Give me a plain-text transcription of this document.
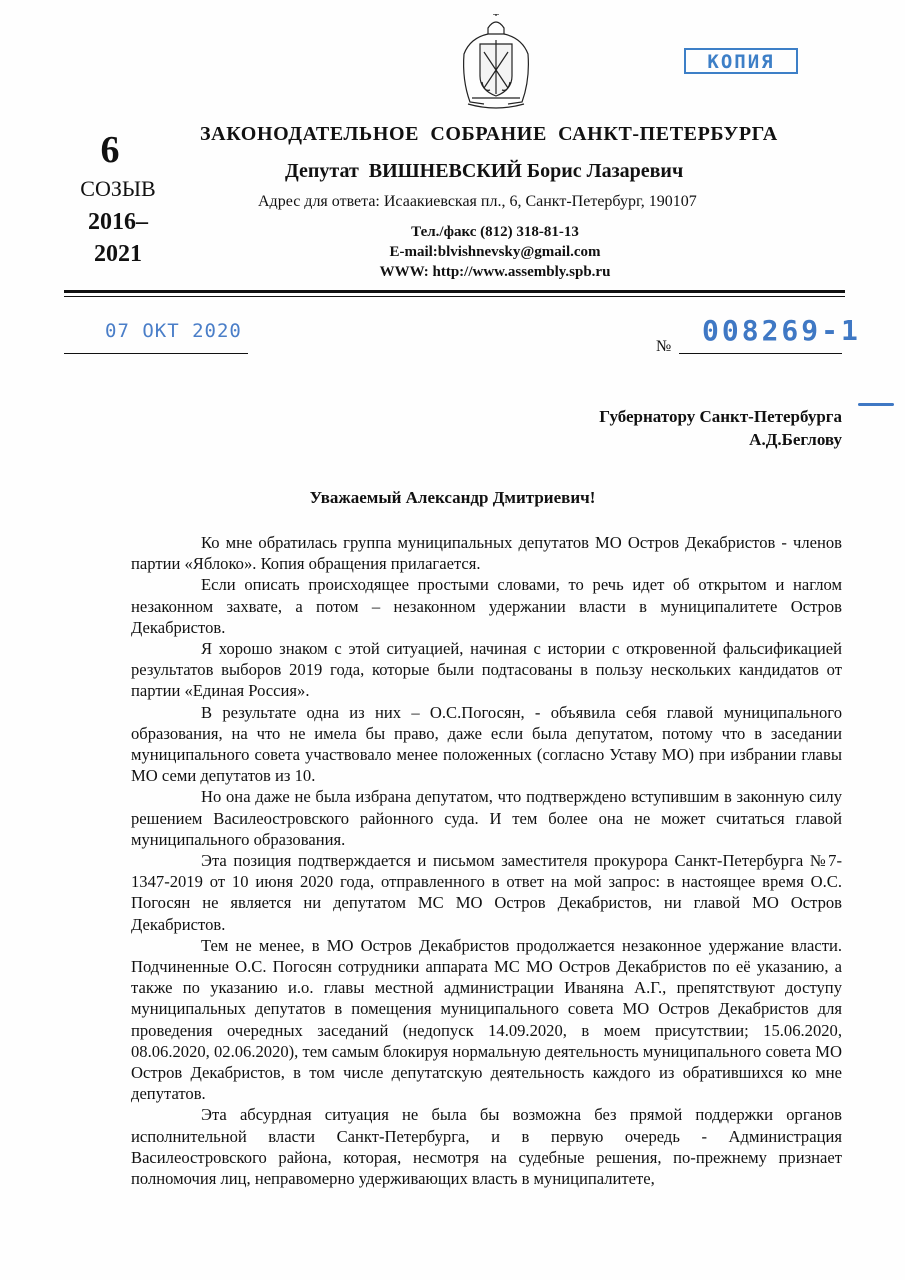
КОПИЯ
6
СОЗЫВ
2016–
2021
ЗАКОНОДАТЕЛЬНОЕ  СОБРАНИЕ  САНКТ-ПЕТЕРБУРГА
Депутат  ВИШНЕВСКИЙ Борис Лазаревич
Адрес для ответа: Исаакиевская пл., 6, Санкт-Петербург, 190107
Тел./факс (812) 318-81-13
E-mail:blvishnevsky@gmail.com
WWW: http://www.assembly.spb.ru
07 ОКТ 2020
№ 008269-1
Губернатору Санкт-Петербурга
А.Д.Беглову
Уважаемый Александр Дмитриевич!

Ко мне обратилась группа муниципальных депутатов МО Остров Декабристов - членов партии «Яблоко». Копия обращения прилагается.

Если описать происходящее простыми словами, то речь идет об открытом и наглом незаконном захвате, а потом – незаконном удержании власти в муниципалитете Остров Декабристов.

Я хорошо знаком с этой ситуацией, начиная с истории с откровенной фальсификацией результатов выборов 2019 года, которые были подтасованы в пользу нескольких кандидатов от партии «Единая Россия».

В результате одна из них – О.С.Погосян, - объявила себя главой муниципального образования, на что не имела бы право, даже если была депутатом, потому что в заседании муниципального совета участвовало менее положенных (согласно Уставу МО) при избрании главы МО семи депутатов из 10.

Но она даже не была избрана депутатом, что подтверждено вступившим в законную силу решением Василеостровского районного суда. И тем более она не может считаться главой муниципального образования.

Эта позиция подтверждается и письмом заместителя прокурора Санкт-Петербурга №7-1347-2019 от 10 июня 2020 года, отправленного в ответ на мой запрос: в настоящее время О.С. Погосян не является ни депутатом МС МО Остров Декабристов, ни главой МО Остров Декабристов.

Тем не менее, в МО Остров Декабристов продолжается незаконное удержание власти. Подчиненные О.С. Погосян сотрудники аппарата МС МО Остров Декабристов по её указанию, а также по указанию и.о. главы местной администрации Иваняна А.Г., препятствуют доступу муниципальных депутатов в помещения муниципального совета МО Остров Декабристов для проведения очередных заседаний (недопуск 14.09.2020, в моем присутствии; 15.06.2020, 08.06.2020, 02.06.2020), тем самым блокируя нормальную деятельность муниципального совета МО Остров Декабристов, в том числе депутатскую деятельность каждого из обратившихся ко мне депутатов.

Эта абсурдная ситуация не была бы возможна без прямой поддержки органов исполнительной власти Санкт-Петербурга, и в первую очередь - Администрация Василеостровского района, которая, несмотря на судебные решения, по-прежнему признает полномочия лиц, неправомерно удерживающих власть в муниципалитете,
